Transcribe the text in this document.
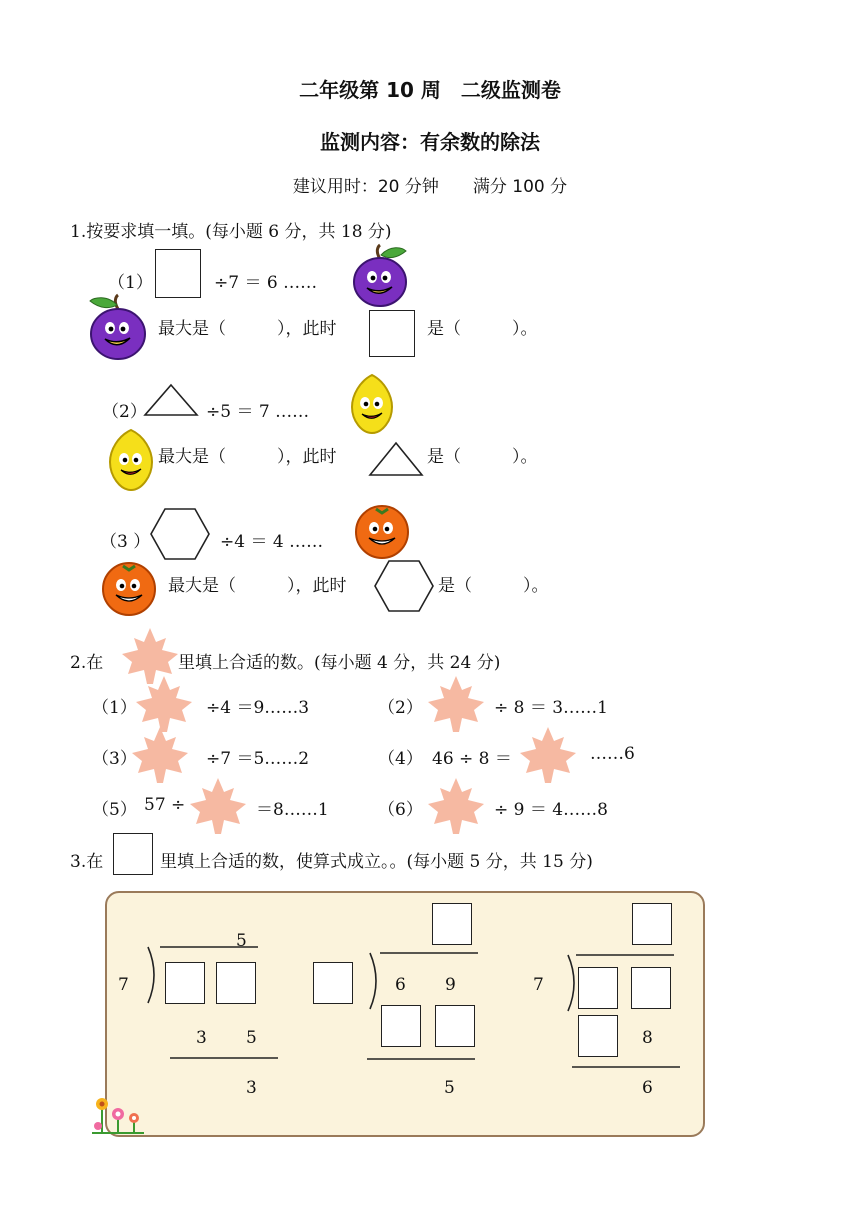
二年级第 10 周　二级监测卷
监测内容：有余数的除法
建议用时：20 分钟　　满分 100 分
1.按要求填一填。(每小题 6 分，共 18 分)
（1）	÷7 ＝ 6 ……
最大是（　　　），此时	是（　　　）。
（2）	÷5 ＝ 7 ……
最大是（　　　），此时	是（　　　）。
（3 ）	÷4 ＝ 4 ……
最大是（　　　），此时	是（　　　）。
2.在	里填上合适的数。(每小题 4 分，共 24 分)
（1）	÷4 ＝9……3	（2）	÷ 8 ＝ 3……1
（3）	÷7 ＝5……2	（4） 46 ÷ 8 ＝	……6
（5） 57 ÷	＝8……1	（6）	÷ 9 ＝ 4……8
3.在	里填上合适的数，使算式成立。。(每小题 5 分，共 15 分)
7
5
3 5
3
6 9
5
7
8
6
